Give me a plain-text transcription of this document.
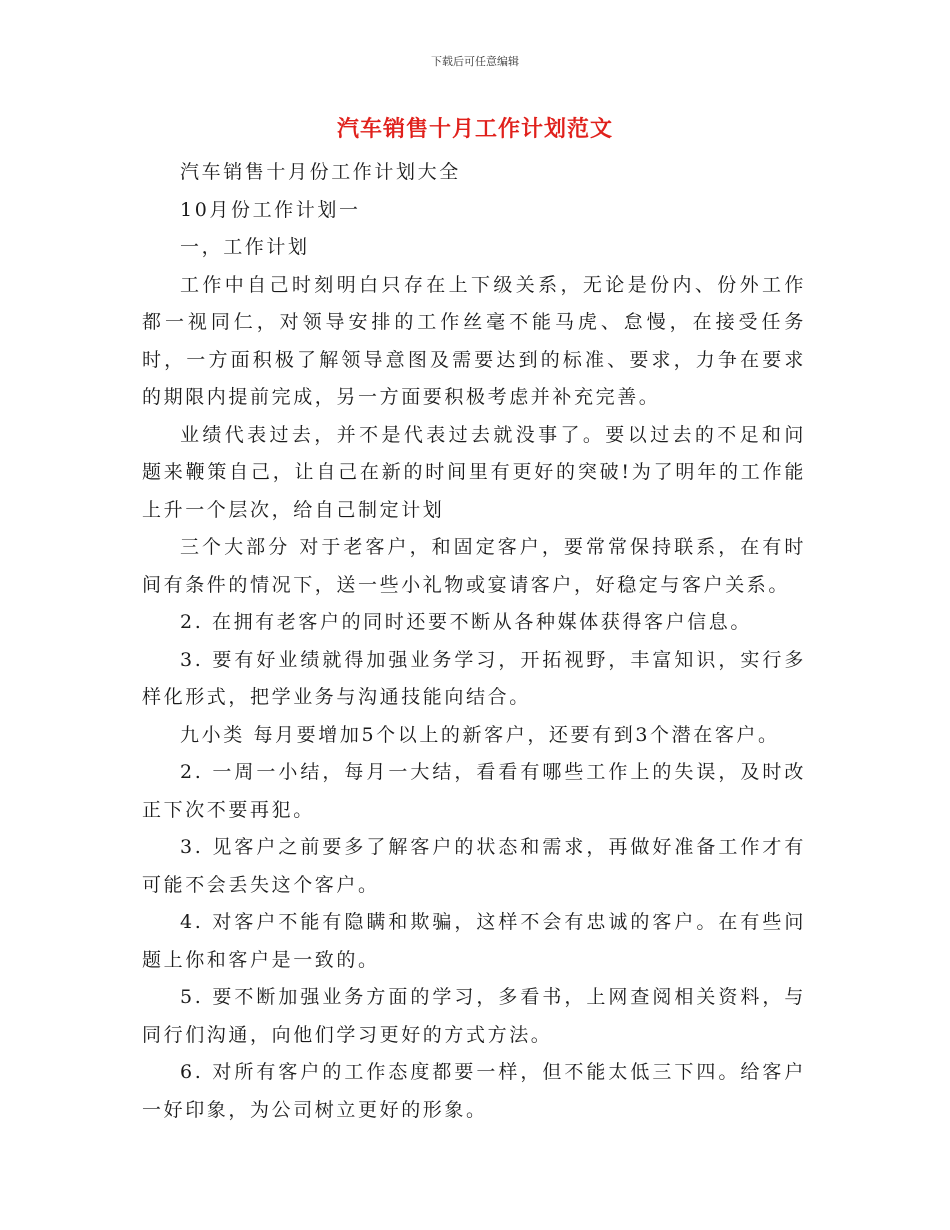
下载后可任意编辑
汽车销售十月工作计划范文

汽车销售十月份工作计划大全

10月份工作计划一

一，工作计划

工作中自己时刻明白只存在上下级关系，无论是份内、份外工作都一视同仁，对领导安排的工作丝毫不能马虎、怠慢，在接受任务时，一方面积极了解领导意图及需要达到的标准、要求，力争在要求的期限内提前完成，另一方面要积极考虑并补充完善。

业绩代表过去，并不是代表过去就没事了。要以过去的不足和问题来鞭策自己，让自己在新的时间里有更好的突破!为了明年的工作能上升一个层次，给自己制定计划

三个大部分 对于老客户，和固定客户，要常常保持联系，在有时间有条件的情况下，送一些小礼物或宴请客户，好稳定与客户关系。

2. 在拥有老客户的同时还要不断从各种媒体获得客户信息。

3. 要有好业绩就得加强业务学习，开拓视野，丰富知识，实行多样化形式，把学业务与沟通技能向结合。

九小类 每月要增加5个以上的新客户，还要有到3个潜在客户。

2. 一周一小结，每月一大结，看看有哪些工作上的失误，及时改正下次不要再犯。

3. 见客户之前要多了解客户的状态和需求，再做好准备工作才有可能不会丢失这个客户。

4. 对客户不能有隐瞒和欺骗，这样不会有忠诚的客户。在有些问题上你和客户是一致的。

5. 要不断加强业务方面的学习，多看书，上网查阅相关资料，与同行们沟通，向他们学习更好的方式方法。

6. 对所有客户的工作态度都要一样，但不能太低三下四。给客户一好印象，为公司树立更好的形象。
